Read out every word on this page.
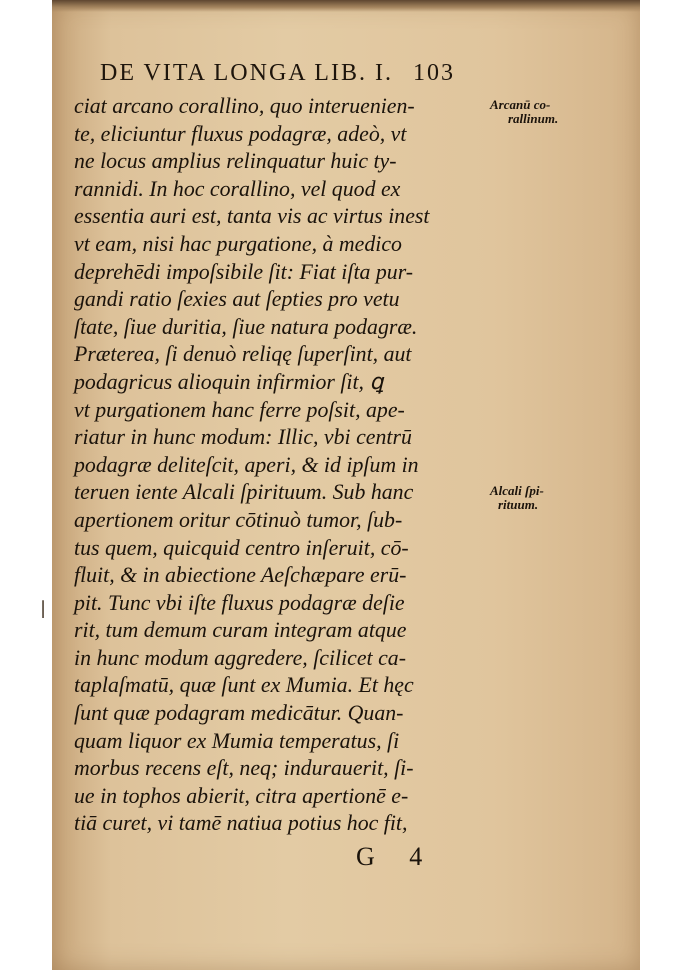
|
DE VITA LONGA LIB. I. 103
ciat arcano corallino, quo interuenien-
te, eliciuntur fluxus podagræ, adeò, vt
ne locus amplius relinquatur huic ty-
rannidi. In hoc corallino, vel quod ex
essentia auri est, tanta vis ac virtus inest
vt eam, nisi hac purgatione, à medico
deprehēdi impoſsibile ſit: Fiat iſta pur-
gandi ratio ſexies aut ſepties pro vetu
ſtate, ſiue duritia, ſiue natura podagræ.
Præterea, ſi denuò reliqę ſuperſint, aut
podagricus alioquin infirmior ſit, ꝗ
vt purgationem hanc ferre poſsit, ape-
riatur in hunc modum: Illic, vbi centrū
podagræ deliteſcit, aperi, & id ipſum in
teruen iente Alcali ſpirituum. Sub hanc
apertionem oritur cōtinuò tumor, ſub-
tus quem, quicquid centro inſeruit, cō-
fluit, & in abiectione Aeſchæpare erū-
pit. Tunc vbi iſte fluxus podagræ deſie
rit, tum demum curam integram atque
in hunc modum aggredere, ſcilicet ca-
taplaſmatū, quæ ſunt ex Mumia. Et hęc
ſunt quæ podagram medicātur. Quan-
quam liquor ex Mumia temperatus, ſi
morbus recens eſt, neq; indurauerit, ſi-
ue in tophos abierit, citra apertionē e-
tiā curet, vi tamē natiua potius hoc fit,
Arcanū co-
rallinum.
Alcali ſpi-
rituum.
G 4
